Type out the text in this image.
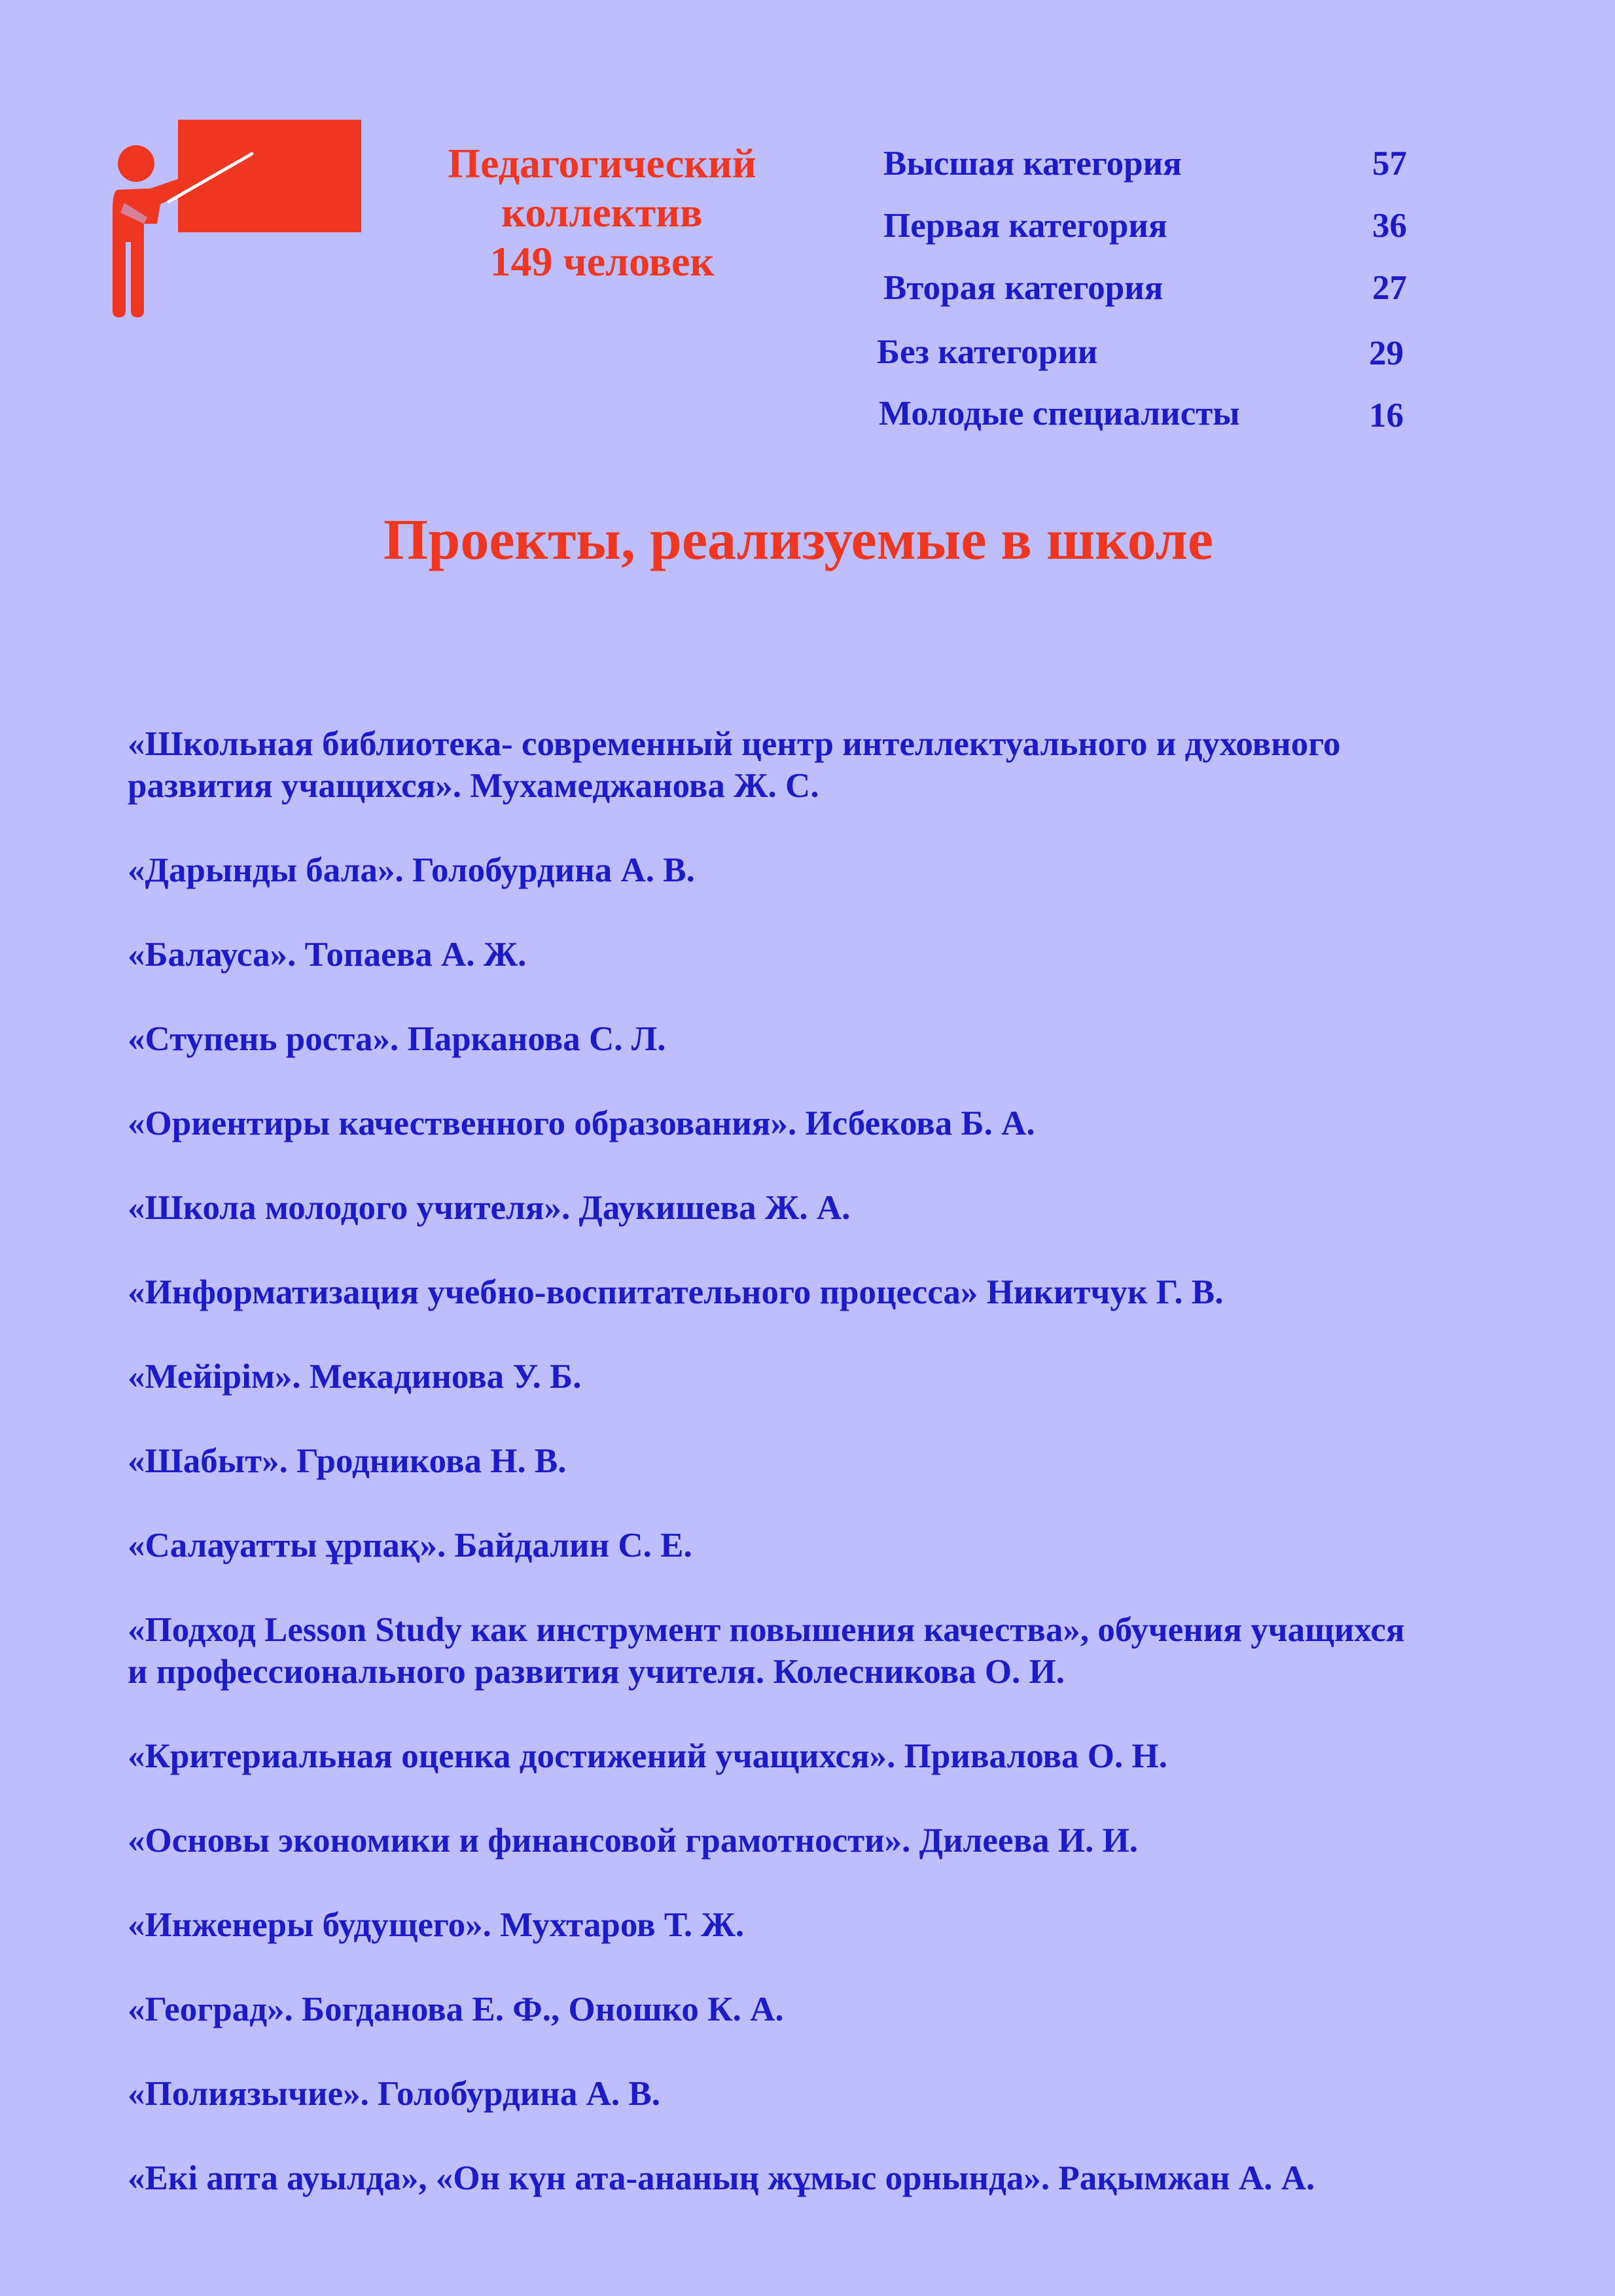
Педагогический
коллектив
149 человек
Высшая категория	57
Первая категория	36
Вторая категория	27
Без категории	29
Молодые специалисты	16
Проекты, реализуемые в школе
«Школьная библиотека- современный центр интеллектуального и духовного
развития учащихся». Мухамеджанова Ж. С.
«Дарынды бала». Голобурдина А. В.
«Балауса». Топаева А. Ж.
«Ступень роста». Парканова С. Л.
«Ориентиры качественного образования». Исбекова Б. А.
«Школа молодого учителя». Даукишева Ж. А.
«Информатизация учебно-воспитательного процесса» Никитчук Г. В.
«Мейірім». Мекадинова У. Б.
«Шабыт». Гродникова Н. В.
«Салауатты ұрпақ». Байдалин С. Е.
«Подход Lesson Study как инструмент повышения качества», обучения учащихся
и профессионального развития учителя. Колесникова О. И.
«Критериальная оценка достижений учащихся». Привалова О. Н.
«Основы экономики и финансовой грамотности». Дилеева И. И.
«Инженеры будущего». Мухтаров Т. Ж.
«Геоград». Богданова Е. Ф., Оношко К. А.
«Полиязычие». Голобурдина А. В.
«Екі апта ауылда», «Он күн ата-ананың жұмыс орнында». Рақымжан А. А.
